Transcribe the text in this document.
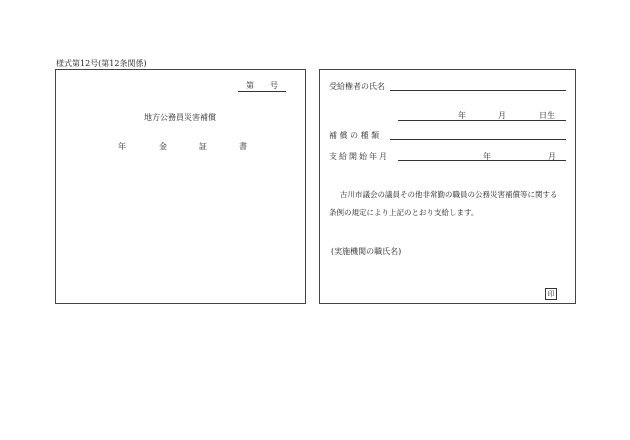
様式第12号(第12条関係)
第 号
地方公務員災害補償
年	金	証	書
受給権者の氏名
年	月	日生
補 償 の 種 類
支給開始年月	年	月
古川市議会の議員その他非常勤の職員の公務災害補償等に関する
条例の規定により上記のとおり支給します。
(実施機関の職氏名)
印
